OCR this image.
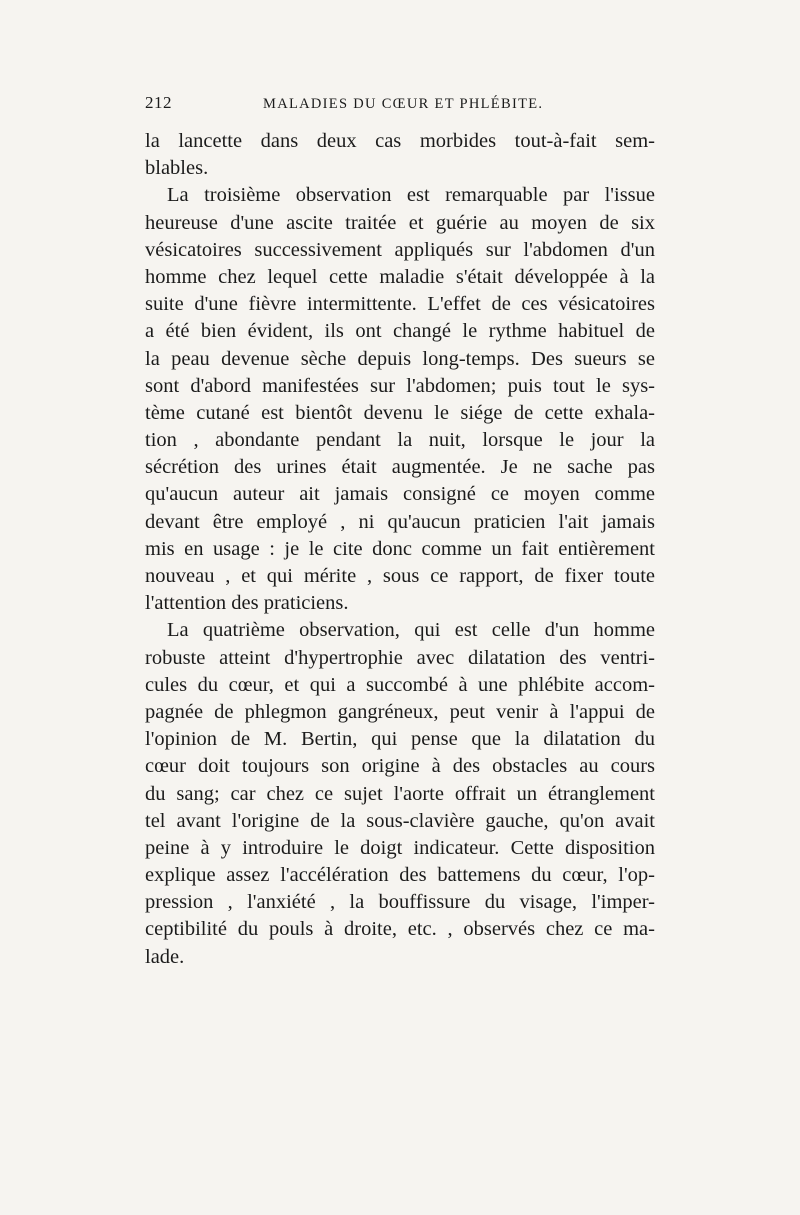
212	MALADIES DU CŒUR ET PHLÉBITE.
la lancette dans deux cas morbides tout-à-fait sem-
blables.
La troisième observation est remarquable par l'issue
heureuse d'une ascite traitée et guérie au moyen de six
vésicatoires successivement appliqués sur l'abdomen d'un
homme chez lequel cette maladie s'était développée à la
suite d'une fièvre intermittente. L'effet de ces vésicatoires
a été bien évident, ils ont changé le rythme habituel de
la peau devenue sèche depuis long-temps. Des sueurs se
sont d'abord manifestées sur l'abdomen; puis tout le sys-
tème cutané est bientôt devenu le siége de cette exhala-
tion , abondante pendant la nuit, lorsque le jour la
sécrétion des urines était augmentée. Je ne sache pas
qu'aucun auteur ait jamais consigné ce moyen comme
devant être employé , ni qu'aucun praticien l'ait jamais
mis en usage : je le cite donc comme un fait entièrement
nouveau , et qui mérite , sous ce rapport, de fixer toute
l'attention des praticiens.
La quatrième observation, qui est celle d'un homme
robuste atteint d'hypertrophie avec dilatation des ventri-
cules du cœur, et qui a succombé à une phlébite accom-
pagnée de phlegmon gangréneux, peut venir à l'appui de
l'opinion de M. Bertin, qui pense que la dilatation du
cœur doit toujours son origine à des obstacles au cours
du sang; car chez ce sujet l'aorte offrait un étranglement
tel avant l'origine de la sous-clavière gauche, qu'on avait
peine à y introduire le doigt indicateur. Cette disposition
explique assez l'accélération des battemens du cœur, l'op-
pression , l'anxiété , la bouffissure du visage, l'imper-
ceptibilité du pouls à droite, etc. , observés chez ce ma-
lade.
